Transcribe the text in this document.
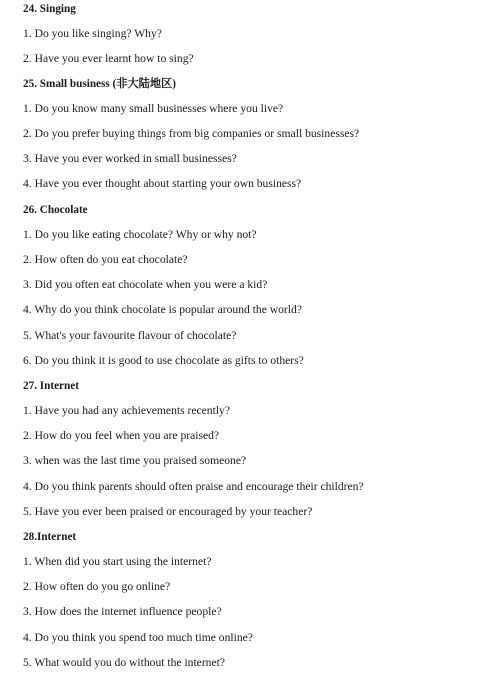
24. Singing
1. Do you like singing? Why?
2. Have you ever learnt how to sing?
25. Small business (非大陆地区)
1. Do you know many small businesses where you live?
2. Do you prefer buying things from big companies or small businesses?
3. Have you ever worked in small businesses?
4. Have you ever thought about starting your own business?
26. Chocolate
1. Do you like eating chocolate? Why or why not?
2. How often do you eat chocolate?
3. Did you often eat chocolate when you were a kid?
4. Why do you think chocolate is popular around the world?
5. What's your favourite flavour of chocolate?
6. Do you think it is good to use chocolate as gifts to others?
27. Internet
1. Have you had any achievements recently?
2. How do you feel when you are praised?
3. when was the last time you praised someone?
4. Do you think parents should often praise and encourage their children?
5. Have you ever been praised or encouraged by your teacher?
28.Internet
1. When did you start using the internet?
2. How often do you go online?
3. How does the internet influence people?
4. Do you think you spend too much time online?
5. What would you do without the internet?
